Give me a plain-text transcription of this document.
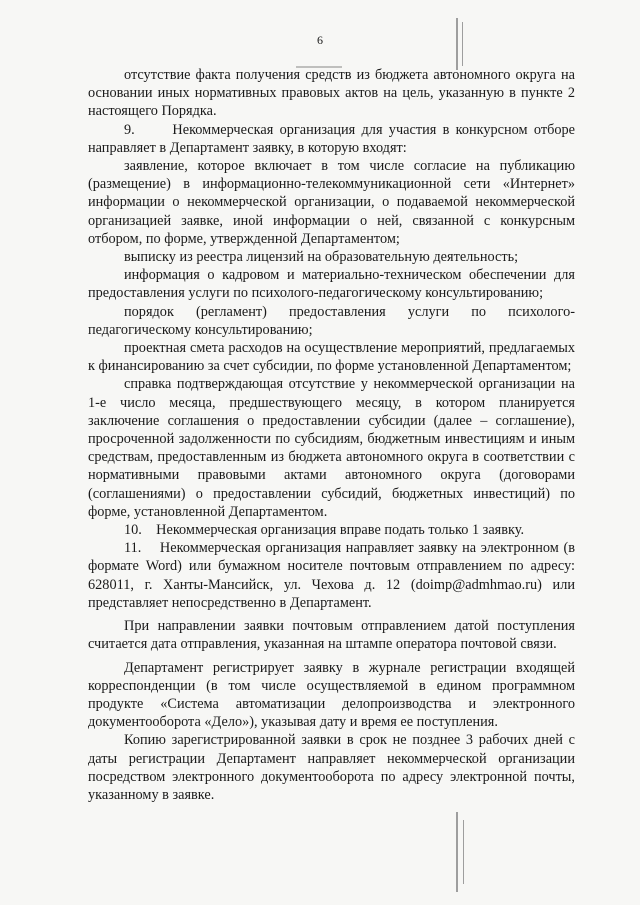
6

отсутствие факта получения средств из бюджета автономного округа на основании иных нормативных правовых актов на цель, указанную в пункте 2 настоящего Порядка.

9.      Некоммерческая организация для участия в конкурсном отборе направляет в Департамент заявку, в которую входят:

заявление, которое включает в том числе согласие на публикацию (размещение) в информационно-телекоммуникационной сети «Интернет» информации о некоммерческой организации, о подаваемой некоммерческой организацией заявке, иной информации о ней, связанной с конкурсным отбором, по форме, утвержденной Департаментом;

выписку из реестра лицензий на образовательную деятельность;

информация о кадровом и материально-техническом обеспечении для предоставления услуги по психолого-педагогическому консультированию;

порядок (регламент) предоставления услуги по психолого-педагогическому консультированию;

проектная смета расходов на осуществление мероприятий, предлагаемых к финансированию за счет субсидии, по форме установленной Департаментом;

справка подтверждающая отсутствие у некоммерческой организации на 1-е число месяца, предшествующего месяцу, в котором планируется заключение соглашения о предоставлении субсидии (далее – соглашение), просроченной задолженности по субсидиям, бюджетным инвестициям и иным средствам, предоставленным из бюджета автономного округа в соответствии с нормативными правовыми актами автономного округа (договорами (соглашениями) о предоставлении субсидий, бюджетных инвестиций) по форме, установленной Департаментом.

10.    Некоммерческая организация вправе подать только 1 заявку.

11.    Некоммерческая организация направляет заявку на электронном (в формате Word) или бумажном носителе почтовым отправлением по адресу: 628011, г. Ханты-Мансийск, ул. Чехова д. 12 (doimp@admhmao.ru) или представляет непосредственно в Департамент.

При направлении заявки почтовым отправлением датой поступления считается дата отправления, указанная на штампе оператора почтовой связи.

Департамент регистрирует заявку в журнале регистрации входящей корреспонденции (в том числе осуществляемой в едином программном продукте «Система автоматизации делопроизводства и электронного документооборота «Дело»), указывая дату и время ее поступления.

Копию зарегистрированной заявки в срок не позднее 3 рабочих дней с даты регистрации Департамент направляет некоммерческой организации посредством электронного документооборота по адресу электронной почты, указанному в заявке.
